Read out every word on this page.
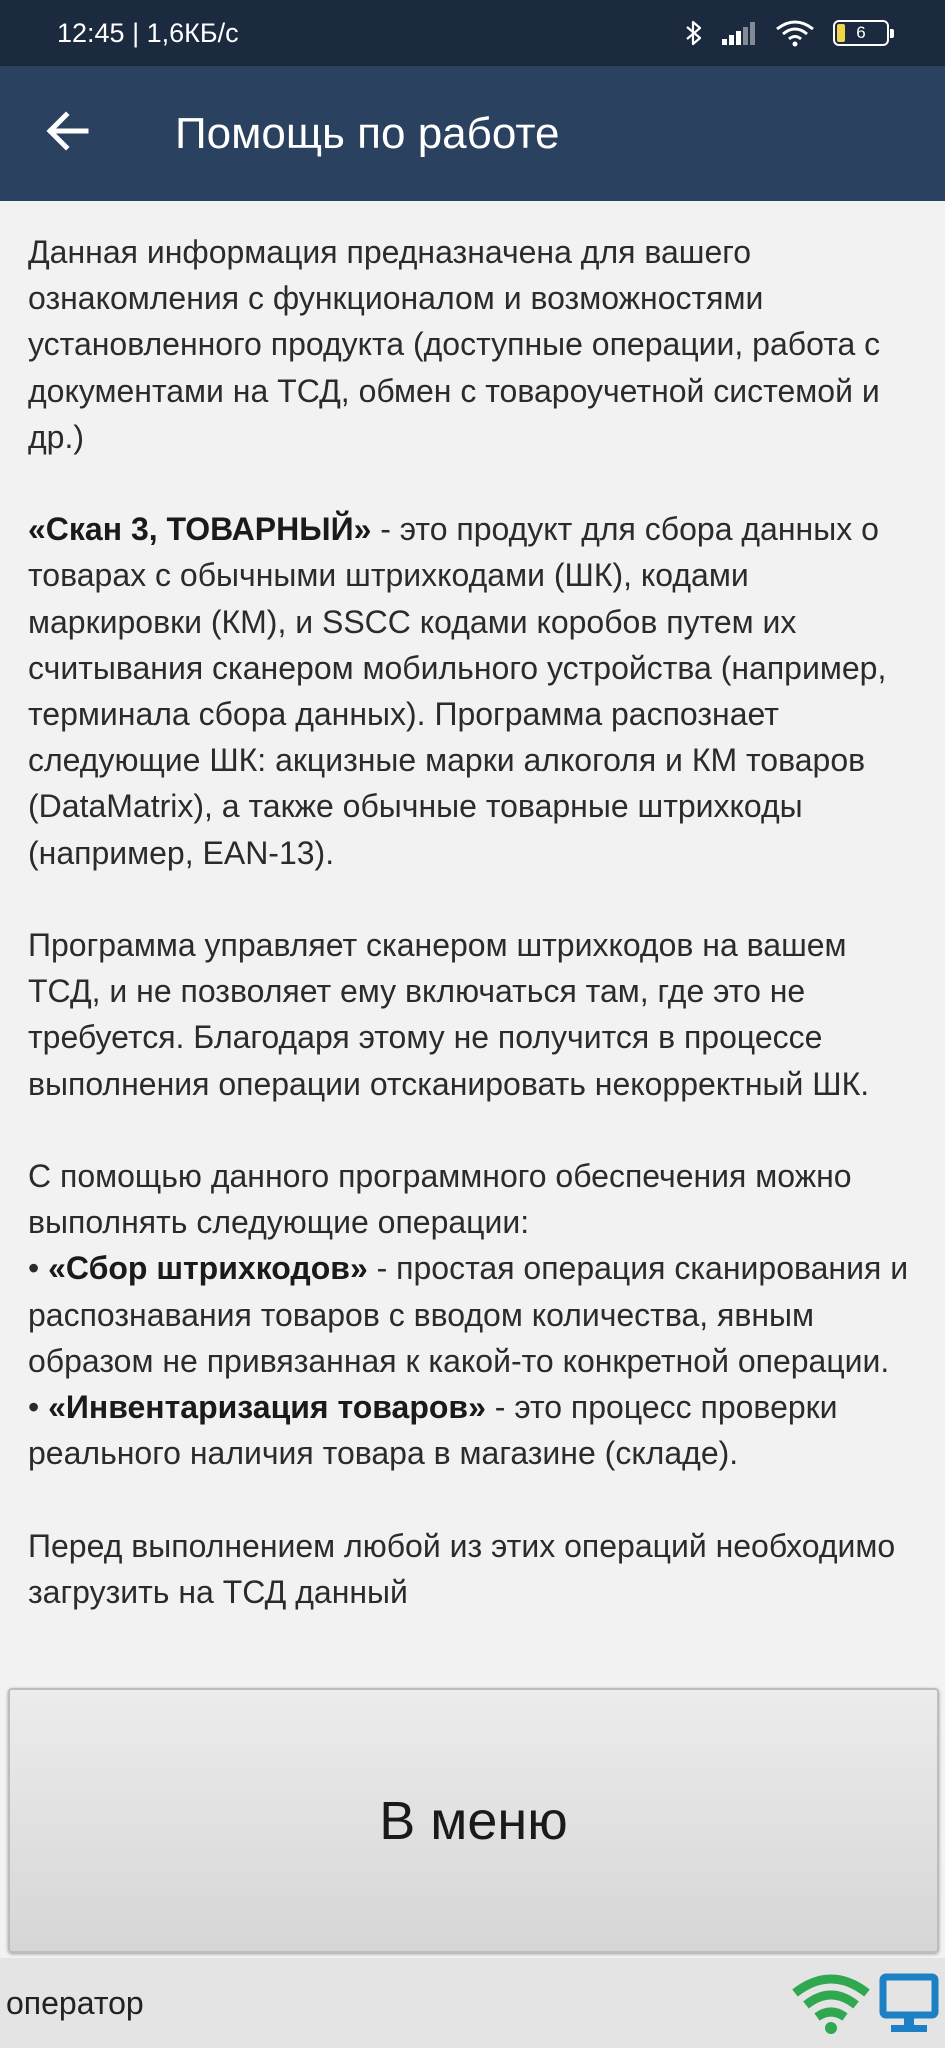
12:45 | 1,6КБ/с	6
Помощь по работе

Данная информация предназначена для вашего ознакомления с функционалом и возможностями установленного продукта (доступные операции, работа с документами на ТСД, обмен с товароучетной системой и др.)

«Скан 3, ТОВАРНЫЙ» - это продукт для сбора данных о товарах с обычными штрихкодами (ШК), кодами маркировки (КМ), и SSCC кодами коробов путем их считывания сканером мобильного устройства (например, терминала сбора данных). Программа распознает следующие ШК: акцизные марки алкоголя и КМ товаров (DataMatrix), а также обычные товарные штрихкоды (например, EAN-13).

Программа управляет сканером штрихкодов на вашем ТСД, и не позволяет ему включаться там, где это не требуется. Благодаря этому не получится в процессе выполнения операции отсканировать некорректный ШК.

С помощью данного программного обеспечения можно выполнять следующие операции:
• «Сбор штрихкодов» - простая операция сканирования и распознавания товаров с вводом количества, явным образом не привязанная к какой-то конкретной операции.
• «Инвентаризация товаров» - это процесс проверки реального наличия товара в магазине (складе).

Перед выполнением любой из этих операций необходимо загрузить на ТСД данный

В меню
оператор
